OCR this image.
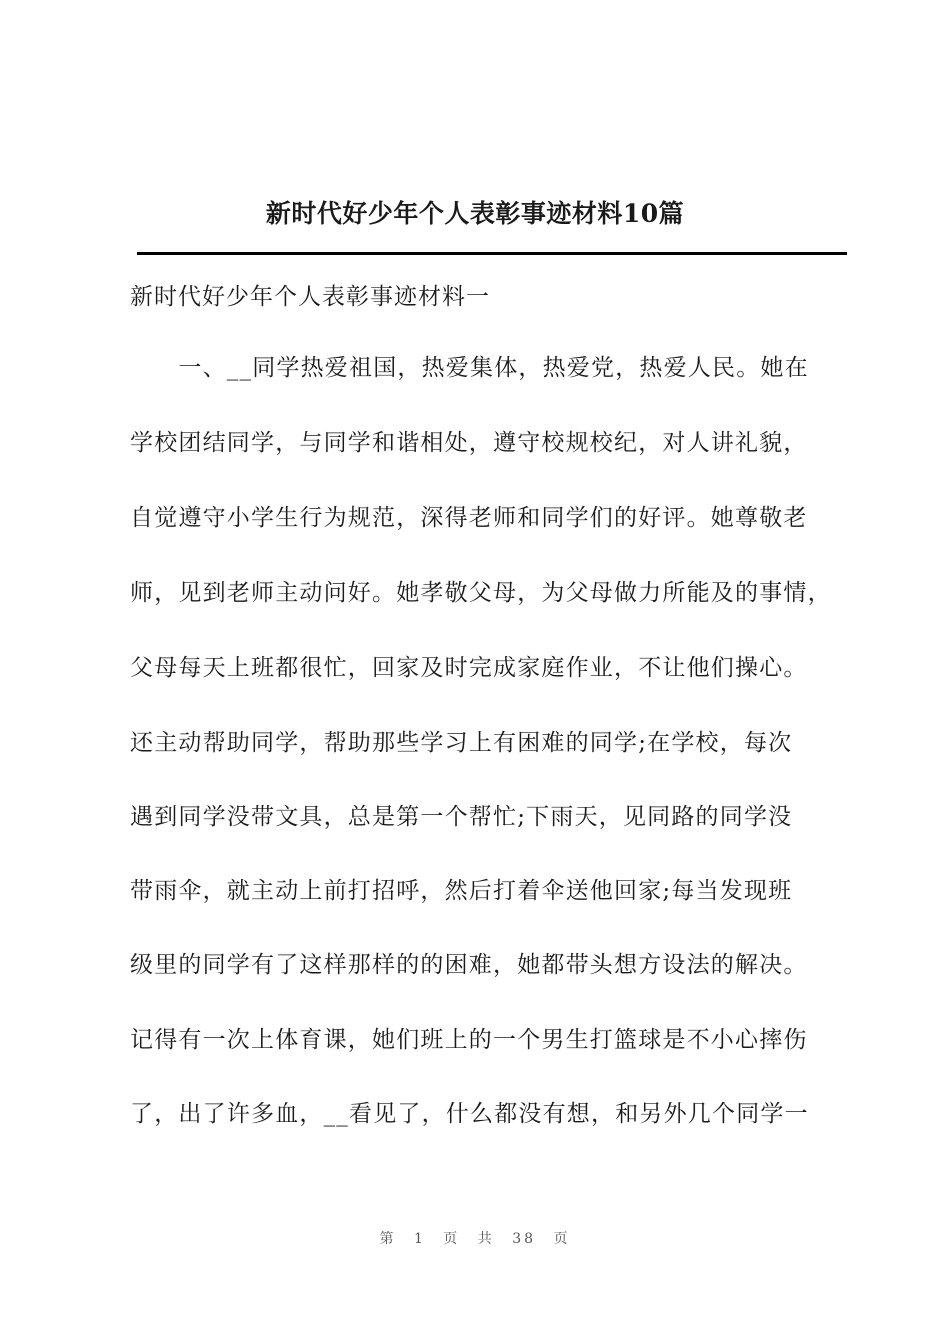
新时代好少年个人表彰事迹材料10篇
新时代好少年个人表彰事迹材料一
　　一、__同学热爱祖国，热爱集体，热爱党，热爱人民。她在
学校团结同学，与同学和谐相处，遵守校规校纪，对人讲礼貌，
自觉遵守小学生行为规范，深得老师和同学们的好评。她尊敬老
师，见到老师主动问好。她孝敬父母，为父母做力所能及的事情，
父母每天上班都很忙，回家及时完成家庭作业，不让他们操心。
还主动帮助同学，帮助那些学习上有困难的同学;在学校，每次
遇到同学没带文具，总是第一个帮忙;下雨天，见同路的同学没
带雨伞，就主动上前打招呼，然后打着伞送他回家;每当发现班
级里的同学有了这样那样的的困难，她都带头想方设法的解决。
记得有一次上体育课，她们班上的一个男生打篮球是不小心摔伤
了，出了许多血，__看见了，什么都没有想，和另外几个同学一
第 1 页 共 38 页
